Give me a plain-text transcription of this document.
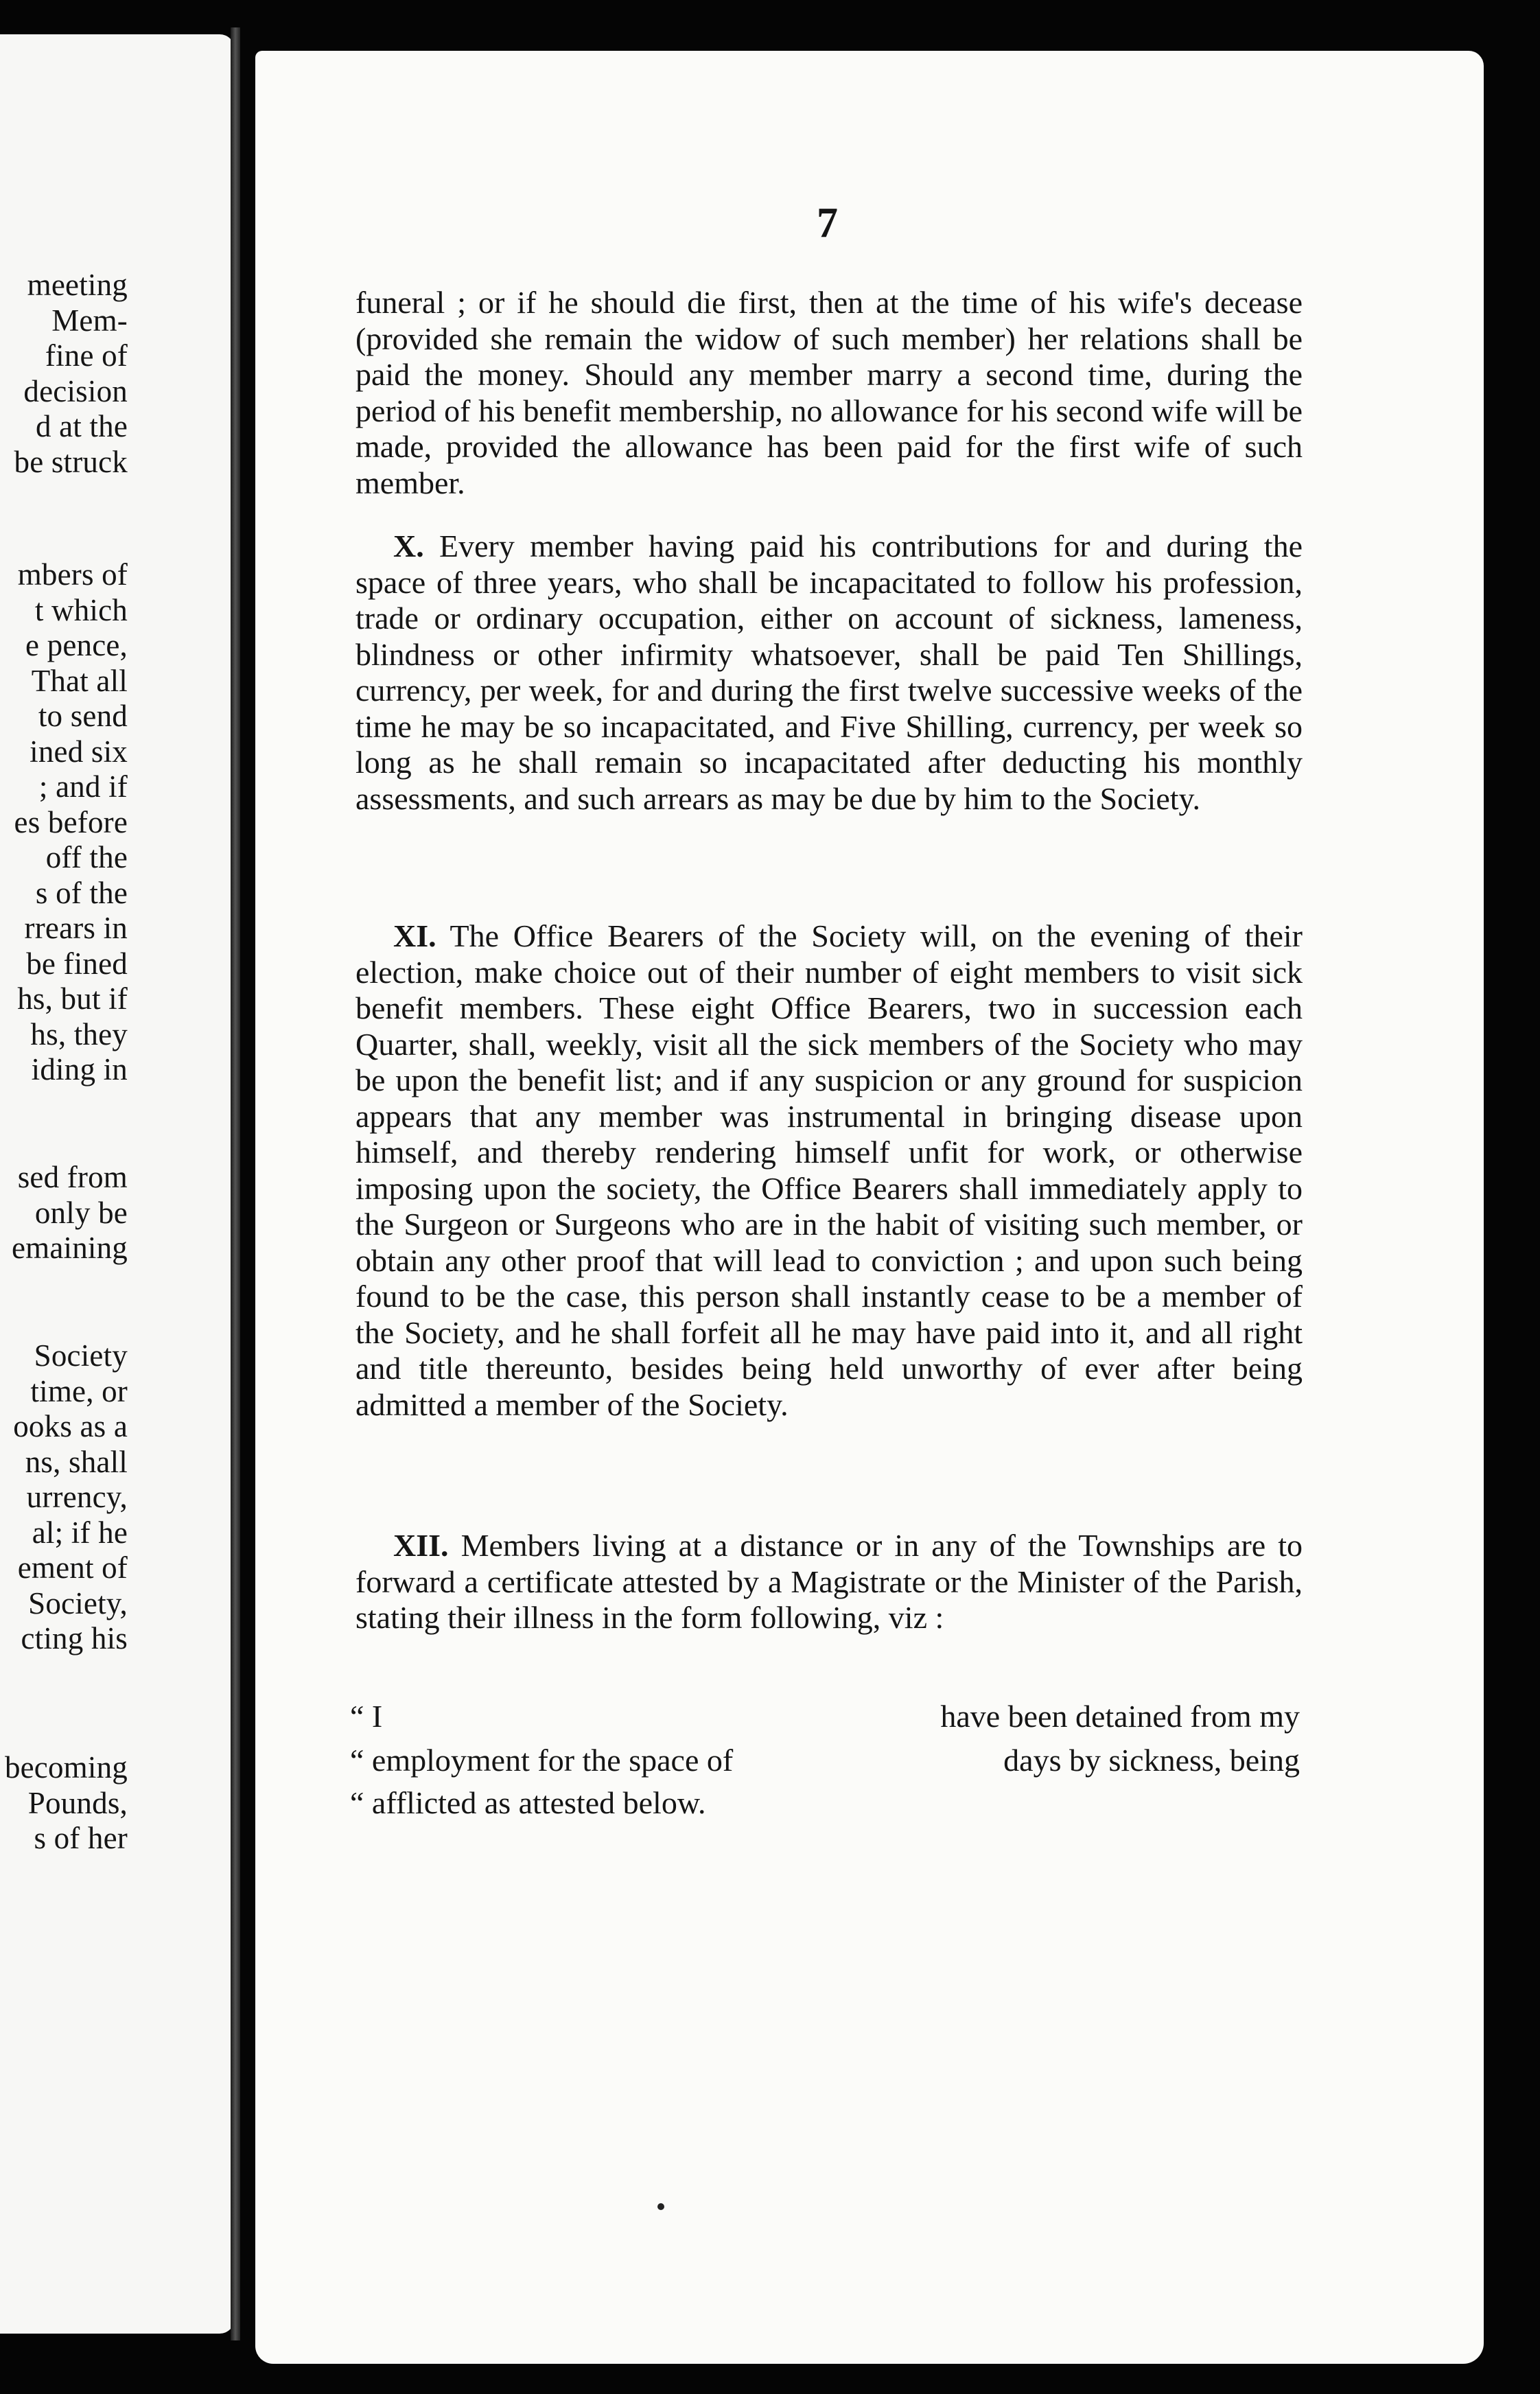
meeting
Mem-
fine of
decision
d at the
be struck
mbers of
t which
e pence,
That all
to send
ined six
; and if
es before
off the
s of the
rrears in
be fined
hs, but if
hs, they
iding in
sed from
only be
emaining
Society
time, or
ooks as a
ns, shall
urrency,
al; if he
ement of
Society,
cting his
becoming
Pounds,
s of her
7

funeral ; or if he should die first, then at the time of his wife's decease (provided she remain the widow of such member) her relations shall be paid the money. Should any member marry a second time, during the period of his benefit membership, no allowance for his second wife will be made, provided the allowance has been paid for the first wife of such member.

X. Every member having paid his contributions for and during the space of three years, who shall be incapacitated to follow his profession, trade or ordinary occupation, either on account of sickness, lameness, blindness or other infirmity whatsoever, shall be paid Ten Shillings, currency, per week, for and during the first twelve successive weeks of the time he may be so incapacitated, and Five Shilling, currency, per week so long as he shall remain so incapacitated after deducting his monthly assessments, and such arrears as may be due by him to the Society.

XI. The Office Bearers of the Society will, on the evening of their election, make choice out of their number of eight members to visit sick benefit members. These eight Office Bearers, two in succession each Quarter, shall, weekly, visit all the sick members of the Society who may be upon the benefit list; and if any suspicion or any ground for suspicion appears that any member was instrumental in bringing disease upon himself, and thereby rendering himself unfit for work, or otherwise imposing upon the society, the Office Bearers shall immediately apply to the Surgeon or Surgeons who are in the habit of visiting such member, or obtain any other proof that will lead to conviction ; and upon such being found to be the case, this person shall instantly cease to be a member of the Society, and he shall forfeit all he may have paid into it, and all right and title thereunto, besides being held unworthy of ever after being admitted a member of the Society.

XII. Members living at a distance or in any of the Townships are to forward a certificate attested by a Magistrate or the Minister of the Parish, stating their illness in the form following, viz :

“ I	have been detained from my
“ employment for the space of	days by sickness, being
“ afflicted as attested below.
